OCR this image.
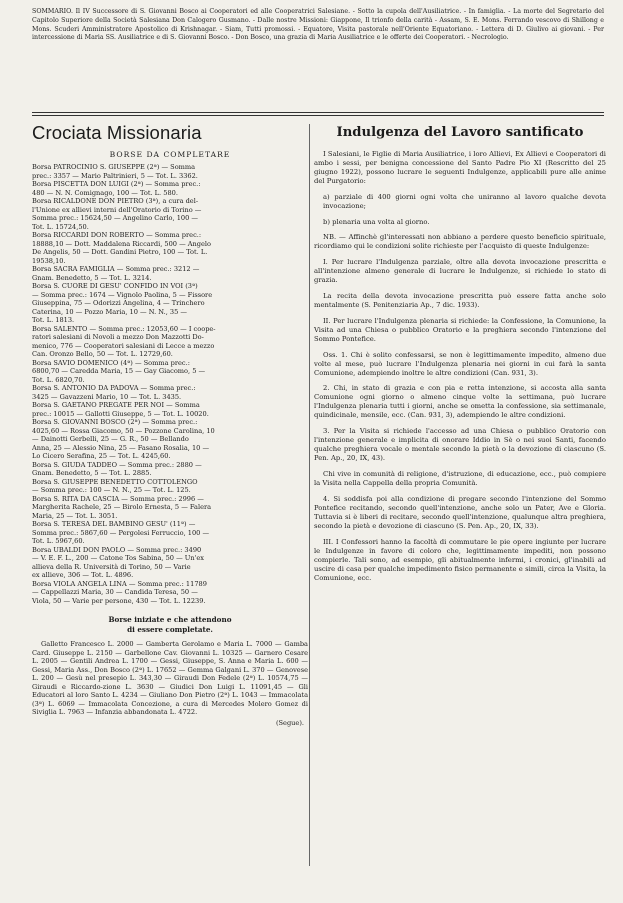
SOMMARIO. Il IV Successore di S. Giovanni Bosco ai Cooperatori ed alle Cooperatrici Salesiane. - Sotto la cupola dell'Ausiliatrice. - In famiglia. - La morte del Segretario del Capitolo Superiore della Società Salesiana Don Calogero Gusmano. - Dalle nostre Missioni: Giappone, Il trionfo della carità - Assam, S. E. Mons. Ferrando vescovo di Shillong e Mons. Scuderi Amministratore Apostolico di Krishnagar. - Siam, Tutti promossi. - Equatore, Visita pastorale nell'Oriente Equatoriano. - Lettera di D. Giulivo ai giovani. - Per intercessione di Maria SS. Ausiliatrice e di S. Giovanni Bosco. - Don Bosco, una grazia di Maria Ausiliatrice e le offerte dei Cooperatori. - Necrologio.
Crociata Missionaria
BORSE DA COMPLETARE

Borsa PATROCINIO S. GIUSEPPE (2ª) — Somma

prec.: 3357 — Mario Paltrinieri, 5 — Tot. L. 3362.

Borsa PISCETTA DON LUIGI (2ª) — Somma prec.:

480 — N. N. Comignago, 100 — Tot. L. 580.

Borsa RICALDONE DON PIETRO (3ª), a cura del-

l'Unione ex allievi interni dell'Oratorio di Torino —

Somma prec.: 15624,50 — Angelino Carlo, 100 —

Tot. L. 15724,50.

Borsa RICCARDI DON ROBERTO — Somma prec.:

18888,10 — Dott. Maddalena Riccardi, 500 — Angelo

De Angelis, 50 — Dott. Gandini Pietro, 100 — Tot. L.

19538,10.

Borsa SACRA FAMIGLIA — Somma prec.: 3212 —

Gnam. Benedetto, 5 — Tot. L. 3214.

Borsa S. CUORE DI GESU' CONFIDO IN VOI (3ª)

— Somma prec.: 1674 — Vignolo Paolina, 5 — Fissore

Giuseppina, 75 — Odorizzi Angelina, 4 — Trinchero

Caterina, 10 — Pozzo Maria, 10 — N. N., 35 —

Tot. L. 1813.

Borsa SALENTO — Somma prec.: 12053,60 — I coope-

ratori salesiani di Novoli a mezzo Don Mazzotti Do-

menico, 776 — Cooperatori salesiani di Lecce a mezzo

Can. Oronzo Bello, 50 — Tot. L. 12729,60.

Borsa SAVIO DOMENICO (4ª) — Somma prec.:

6800,70 — Caredda Maria, 15 — Gay Giacomo, 5 —

Tot. L. 6820,70.

Borsa S. ANTONIO DA PADOVA — Somma prec.:

3425 — Gavazzeni Mario, 10 — Tot. L. 3435.

Borsa S. GAETANO PREGATE PER NOI — Somma

prec.: 10015 — Gallotti Giuseppe, 5 — Tot. L. 10020.

Borsa S. GIOVANNI BOSCO (2ª) — Somma prec.:

4025,60 — Rossa Giacomo, 50 — Pozzone Carolina, 10

— Dainotti Gerbelli, 25 — G. R., 50 — Bellando

Anna, 25 — Alessio Nina, 25 — Fasano Rosalia, 10 —

Lo Cicero Serafina, 25 — Tot. L. 4245,60.

Borsa S. GIUDA TADDEO — Somma prec.: 2880 —

Gnam. Benedetto, 5 — Tot. L. 2885.

Borsa S. GIUSEPPE BENEDETTO COTTOLENGO

— Somma prec.: 100 — N. N., 25 — Tot. L. 125.

Borsa S. RITA DA CASCIA — Somma prec.: 2996 —

Margherita Rachele, 25 — Birolo Ernesta, 5 — Falera

Maria, 25 — Tot. L. 3051.

Borsa S. TERESA DEL BAMBINO GESU' (11ª) —

Somma prec.: 5867,60 — Pergolesi Ferruccio, 100 —

Tot. L. 5967,60.

Borsa UBALDI DON PAOLO — Somma prec.: 3490

— V. E. F. L., 200 — Catone Tos Sabina, 50 — Un'ex

allieva della R. Università di Torino, 50 — Varie

ex allieve, 306 — Tot. L. 4896.

Borsa VIOLA ANGELA LINA — Somma prec.: 11789

— Cappellazzi Maria, 30 — Candida Teresa, 50 —

Viola, 50 — Varie per persone, 430 — Tot. L. 12239.

Borse iniziate e che attendono
di essere completate.

Galletto Francesco L. 2000 — Gamberta Gerolamo e Maria L. 7000 — Gamba Card. Giuseppe L. 2150 — Garbellone Cav. Giovanni L. 10325 — Garnero Cesare L. 2005 — Gentili Andrea L. 1700 — Gessi, Giuseppe, S. Anna e Maria L. 600 — Gessi, Maria Ass., Don Bosco (2ª) L. 17652 — Gemma Galgani L. 370 — Genovese L. 200 — Gesù nel presepio L. 343,30 — Giraudi Don Fedele (2ª) L. 10574,75 — Giraudi e Riccardo-zione L. 3630 — Giudici Don Luigi L. 11091,45 — Gli Educatori al loro Santo L. 4234 — Giuliano Don Pietro (2ª) L. 1043 — Immacolata (3ª) L. 6069 — Immacolata Concezione, a cura di Mercedes Molero Gomez di Siviglia L. 7963 — Infanzia abbandonata L. 4722.

(Segue).
Indulgenza del Lavoro santificato

I Salesiani, le Figlie di Maria Ausiliatrice, i loro Allievi, Ex Allievi e Cooperatori di ambo i sessi, per benigna concessione del Santo Padre Pio XI (Rescritto del 25 giugno 1922), possono lucrare le seguenti Indulgenze, applicabili pure alle anime del Purgatorio:

a) parziale di 400 giorni ogni volta che uniranno al lavoro qualche devota invocazione;

b) plenaria una volta al giorno.

NB. — Affinchè gl'interessati non abbiano a perdere questo beneficio spirituale, ricordiamo qui le condizioni solite richieste per l'acquisto di queste Indulgenze:

I. Per lucrare l'Indulgenza parziale, oltre alla devota invocazione prescritta e all'intenzione almeno generale di lucrare le Indulgenze, si richiede lo stato di grazia.

La recita della devota invocazione prescritta può essere fatta anche solo mentalmente (S. Penitenziaria Ap., 7 dic. 1933).

II. Per lucrare l'Indulgenza plenaria si richiede: la Confessione, la Comunione, la Visita ad una Chiesa o pubblico Oratorio e la preghiera secondo l'intenzione del Sommo Pontefice.

Oss. 1. Chi è solito confessarsi, se non è legittimamente impedito, almeno due volte al mese, può lucrare l'Indulgenza plenaria nei giorni in cui farà la santa Comunione, adempiendo inoltre le altre condizioni (Can. 931, 3).

2. Chi, in stato di grazia e con pia e retta intenzione, si accosta alla santa Comunione ogni giorno o almeno cinque volte la settimana, può lucrare l'Indulgenza plenaria tutti i giorni, anche se ometta la confessione, sia settimanale, quindicinale, mensile, ecc. (Can. 931, 3), adempiendo le altre condizioni.

3. Per la Visita si richiede l'accesso ad una Chiesa o pubblico Oratorio con l'intenzione generale e implicita di onorare Iddio in Sè o nei suoi Santi, facendo qualche preghiera vocale o mentale secondo la pietà o la devozione di ciascuno (S. Pen. Ap., 20, IX, 43).

Chi vive in comunità di religione, d'istruzione, di educazione, ecc., può compiere la Visita nella Cappella della propria Comunità.

4. Si soddisfa poi alla condizione di pregare secondo l'intenzione del Sommo Pontefice recitando, secondo quell'intenzione, anche solo un Pater, Ave e Gloria. Tuttavia si è liberi di recitare, secondo quell'intenzione, qualunque altra preghiera, secondo la pietà e devozione di ciascuno (S. Pen. Ap., 20, IX, 33).

III. I Confessori hanno la facoltà di commutare le pie opere ingiunte per lucrare le Indulgenze in favore di coloro che, legittimamente impediti, non possono compierle. Tali sono, ad esempio, gli abitualmente infermi, i cronici, gl'inabili ad uscire di casa per qualche impedimento fisico permanente e simili, circa la Visita, la Comunione, ecc.
